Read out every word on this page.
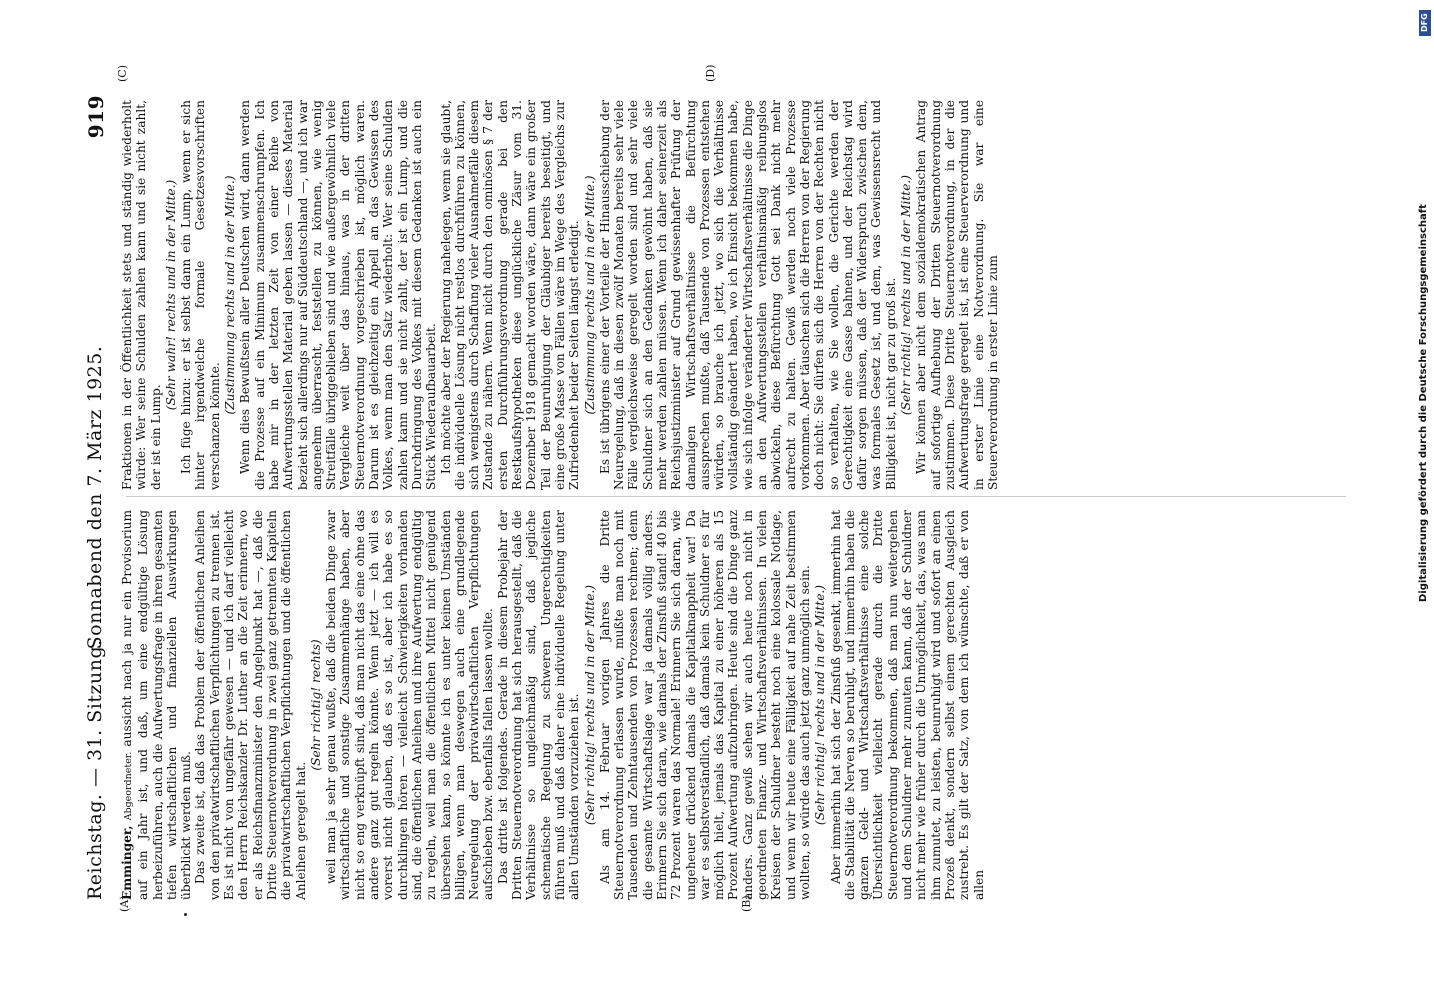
Reichstag. — 31. Sitzung.
Sonnabend den 7. März 1925.
919
(A)	(B)
(C)	(D)

Emminger, Abgeordneter. aussicht nach ja nur ein Provisorium auf ein Jahr ist, und daß, um eine endgültige Lösung herbeizuführen, auch die Aufwertungsfrage in ihren gesamten tiefen wirtschaftlichen und finanziellen Auswirkungen überblickt werden muß. Das zweite ist, daß das Problem der öffentlichen Anleihen von den privatwirtschaftlichen Verpflichtungen zu trennen ist. Es ist nicht von ungefähr gewesen — und ich darf vielleicht den Herrn Reichskanzler Dr. Luther an die Zeit erinnern, wo er als Reichsfinanzminister den Angelpunkt hat —, daß die Dritte Steuernotverordnung in zwei ganz getrennten Kapiteln die privatwirtschaftlichen Verpflichtungen und die öffentlichen Anleihen geregelt hat.

(Sehr richtig! rechts) weil man ja sehr genau wußte, daß die beiden Dinge zwar wirtschaftliche und sonstige Zusammenhänge haben, aber nicht so eng verknüpft sind, daß man nicht das eine ohne das andere ganz gut regeln könnte. Wenn jetzt — ich will es vorerst nicht glauben, daß es so ist, aber ich habe es so durchklingen hören — vielleicht Schwierigkeiten vorhanden sind, die öffentlichen Anleihen und ihre Aufwertung endgültig zu regeln, weil man die öffentlichen Mittel nicht genügend übersehen kann, so könnte ich es unter keinen Umständen billigen, wenn man deswegen auch eine grundlegende Neuregelung der privatwirtschaftlichen Verpflichtungen aufschieben bzw. ebenfalls fallen lassen wollte. Das dritte ist folgendes. Gerade in diesem Probejahr der Dritten Steuernotverordnung hat sich herausgestellt, daß die Verhältnisse so ungleichmäßig sind, daß jegliche schematische Regelung zu schweren Ungerechtigkeiten führen muß und daß daher eine individuelle Regelung unter allen Umständen vorzuziehen ist. (Sehr richtig! rechts und in der Mitte.) Als am 14. Februar vorigen Jahres die Dritte Steuernotverordnung erlassen wurde, mußte man noch mit Tausenden und Zehntausenden von Prozessen rechnen; denn die gesamte Wirtschaftslage war ja damals völlig anders. Erinnern Sie sich daran, wie damals der Zinsfuß stand! 40 bis 72 Prozent waren das Normale! Erinnern Sie sich daran, wie ungeheuer drückend damals die Kapitalknappheit war! Da war es selbstverständlich, daß damals kein Schuldner es für möglich hielt, jemals das Kapital zu einer höheren als 15 Prozent Aufwertung aufzubringen. Heute sind die Dinge ganz anders. Ganz gewiß sehen wir auch heute noch nicht in geordneten Finanz- und Wirtschaftsverhältnissen. In vielen Kreisen der Schuldner besteht noch eine kolossale Notlage, und wenn wir heute eine Fälligkeit auf nahe Zeit bestimmen wollten, so würde das auch jetzt ganz unmöglich sein. (Sehr richtig! rechts und in der Mitte.) Aber immerhin hat sich der Zinsfuß gesenkt, immerhin hat die Stabilität die Nerven so beruhigt, und immerhin haben die ganzen Geld- und Wirtschaftsverhältnisse eine solche Übersichtlichkeit vielleicht gerade durch die Dritte Steuernotverordnung bekommen, daß man nun weitergehen und dem Schuldner mehr zumuten kann, daß der Schuldner nicht mehr wie früher durch die Unmöglichkeit, das, was man ihm zumutet, zu leisten, beunruhigt wird und sofort an einen Prozeß denkt, sondern selbst einem gerechten Ausgleich zustrebt. Es gilt der Satz, von dem ich wünschte, daß er von allen

Fraktionen in der Öffentlichkeit stets und ständig wiederholt würde: Wer seine Schulden zahlen kann und sie nicht zahlt, der ist ein Lump.

(Sehr wahr! rechts und in der Mitte.) Ich füge hinzu: er ist selbst dann ein Lump, wenn er sich hinter irgendwelche formale Gesetzesvorschriften verschanzen könnte.

(Zustimmung rechts und in der Mitte.) Wenn dies Bewußtsein aller Deutschen wird, dann werden die Prozesse auf ein Minimum zusammenschrumpfen. Ich habe mir in der letzten Zeit von einer Reihe von Aufwertungsstellen Material geben lassen — dieses Material bezieht sich allerdings nur auf Süddeutschland —, und ich war angenehm überrascht, feststellen zu können, wie wenig Streitfälle übriggeblieben sind und wie außergewöhnlich viele Vergleiche weit über das hinaus, was in der dritten Steuernotverordnung vorgeschrieben ist, möglich waren. Darum ist es gleichzeitig ein Appell an das Gewissen des Volkes, wenn man den Satz wiederholt: Wer seine Schulden zahlen kann und sie nicht zahlt, der ist ein Lump, und die Durchdringung des Volkes mit diesem Gedanken ist auch ein Stück Wiederaufbauarbeit. Ich möchte aber der Regierung nahelegen, wenn sie glaubt, die individuelle Lösung nicht restlos durchführen zu können, sich wenigstens durch Schaffung vieler Ausnahmefälle diesem Zustande zu nähern. Wenn nicht durch den ominösen § 7 der ersten Durchführungsverordnung gerade bei den Restkaufshypotheken diese unglückliche Zäsur vom 31. Dezember 1918 gemacht worden wäre, dann wäre ein großer Teil der Beunruhigung der Gläubiger bereits beseitigt, und eine große Masse von Fällen wäre im Wege des Vergleichs zur Zufriedenheit beider Seiten längst erledigt. (Zustimmung rechts und in der Mitte.) Es ist übrigens einer der Vorteile der Hinausschiebung der Neuregelung, daß in diesen zwölf Monaten bereits sehr viele Fälle vergleichsweise geregelt worden sind und sehr viele Schuldner sich an den Gedanken gewöhnt haben, daß sie mehr werden zahlen müssen. Wenn ich daher seinerzeit als Reichsjustizminister auf Grund gewissenhafter Prüfung der damaligen Wirtschaftsverhältnisse die Befürchtung aussprechen mußte, daß Tausende von Prozessen entstehen würden, so brauche ich jetzt, wo sich die Verhältnisse vollständig geändert haben, wo ich Einsicht bekommen habe, wie sich infolge veränderter Wirtschaftsverhältnisse die Dinge an den Aufwertungsstellen verhältnismäßig reibungslos abwickeln, diese Befürchtung Gott sei Dank nicht mehr aufrecht zu halten. Gewiß werden noch viele Prozesse vorkommen. Aber täuschen sich die Herren von der Regierung doch nicht: Sie dürfen sich die Herren von der Rechten nicht so verhalten, wie Sie wollen, die Gerichte werden der Gerechtigkeit eine Gasse bahnen, und der Reichstag wird dafür sorgen müssen, daß der Widerspruch zwischen dem, was formales Gesetz ist, und dem, was Gewissensrecht und Billigkeit ist, nicht gar zu groß ist. (Sehr richtig! rechts und in der Mitte.) Wir können aber nicht dem sozialdemokratischen Antrag auf sofortige Aufhebung der Dritten Steuernotverordnung zustimmen. Diese Dritte Steuernotverordnung, in der die Aufwertungsfrage geregelt ist, ist eine Steuerverordnung und in erster Linie eine Notverordnung. Sie war eine Steuerverordnung in erster Linie zum

DFG
Digitalisierung gefördert durch die Deutsche Forschungsgemeinschaft
